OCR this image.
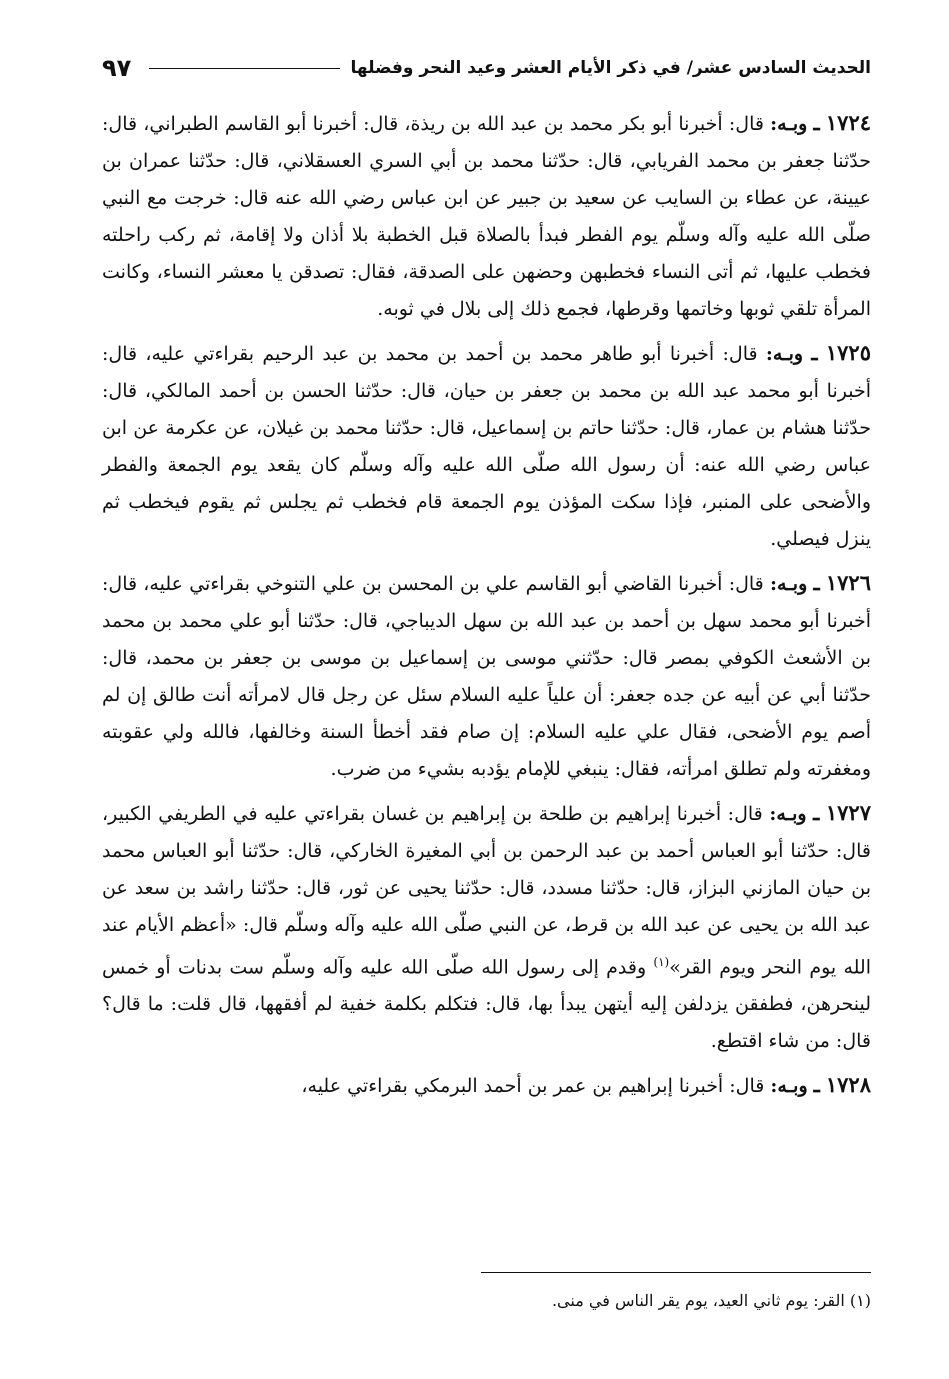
الحديث السادس عشر/ في ذكر الأيام العشر وعيد النحر وفضلها
٩٧

١٧٢٤ ـ وبـه: قال: أخبرنا أبو بكر محمد بن عبد الله بن ريذة، قال: أخبرنا أبو القاسم الطبراني، قال: حدّثنا جعفر بن محمد الفريابي، قال: حدّثنا محمد بن أبي السري العسقلاني، قال: حدّثنا عمران بن عيينة، عن عطاء بن السايب عن سعيد بن جبير عن ابن عباس رضي الله عنه قال: خرجت مع النبي صلّى الله عليه وآله وسلّم يوم الفطر فبدأ بالصلاة قبل الخطبة بلا أذان ولا إقامة، ثم ركب راحلته فخطب عليها، ثم أتى النساء فخطبهن وحضهن على الصدقة، فقال: تصدقن يا معشر النساء، وكانت المرأة تلقي ثوبها وخاتمها وقرطها، فجمع ذلك إلى بلال في ثوبه.

١٧٢٥ ـ وبـه: قال: أخبرنا أبو طاهر محمد بن أحمد بن محمد بن عبد الرحيم بقراءتي عليه، قال: أخبرنا أبو محمد عبد الله بن محمد بن جعفر بن حيان، قال: حدّثنا الحسن بن أحمد المالكي، قال: حدّثنا هشام بن عمار، قال: حدّثنا حاتم بن إسماعيل، قال: حدّثنا محمد بن غيلان، عن عكرمة عن ابن عباس رضي الله عنه: أن رسول الله صلّى الله عليه وآله وسلّم كان يقعد يوم الجمعة والفطر والأضحى على المنبر، فإذا سكت المؤذن يوم الجمعة قام فخطب ثم يجلس ثم يقوم فيخطب ثم ينزل فيصلي.

١٧٢٦ ـ وبـه: قال: أخبرنا القاضي أبو القاسم علي بن المحسن بن علي التنوخي بقراءتي عليه، قال: أخبرنا أبو محمد سهل بن أحمد بن عبد الله بن سهل الديباجي، قال: حدّثنا أبو علي محمد بن محمد بن الأشعث الكوفي بمصر قال: حدّثني موسى بن إسماعيل بن موسى بن جعفر بن محمد، قال: حدّثنا أبي عن أبيه عن جده جعفر: أن علياً عليه السلام سئل عن رجل قال لامرأته أنت طالق إن لم أصم يوم الأضحى، فقال علي عليه السلام: إن صام فقد أخطأ السنة وخالفها، فالله ولي عقوبته ومغفرته ولم تطلق امرأته، فقال: ينبغي للإمام يؤدبه بشيء من ضرب.

١٧٢٧ ـ وبـه: قال: أخبرنا إبراهيم بن طلحة بن إبراهيم بن غسان بقراءتي عليه في الطريفي الكبير، قال: حدّثنا أبو العباس أحمد بن عبد الرحمن بن أبي المغيرة الخاركي، قال: حدّثنا أبو العباس محمد بن حيان المازني البزاز، قال: حدّثنا مسدد، قال: حدّثنا يحيى عن ثور، قال: حدّثنا راشد بن سعد عن عبد الله بن يحيى عن عبد الله بن قرط، عن النبي صلّى الله عليه وآله وسلّم قال: «أعظم الأيام عند الله يوم النحر ويوم القر»$^{(١)}$ وقدم إلى رسول الله صلّى الله عليه وآله وسلّم ست بدنات أو خمس لينحرهن، فطفقن يزدلفن إليه أيتهن يبدأ بها، قال: فتكلم بكلمة خفية لم أفقهها، قال قلت: ما قال؟ قال: من شاء اقتطع.

١٧٢٨ ـ وبـه: قال: أخبرنا إبراهيم بن عمر بن أحمد البرمكي بقراءتي عليه،

(١) القر: يوم ثاني العيد، يوم يقر الناس في منى.
